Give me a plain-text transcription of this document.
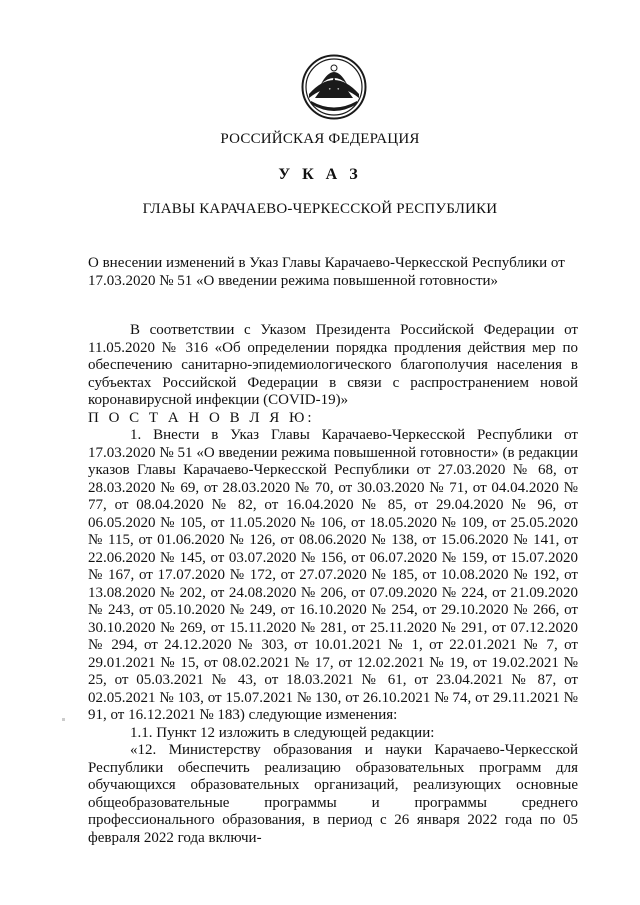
РОССИЙСКАЯ ФЕДЕРАЦИЯ
У К А З
ГЛАВЫ КАРАЧАЕВО-ЧЕРКЕССКОЙ РЕСПУБЛИКИ
О внесении изменений в Указ Главы Карачаево-Черкесской Республики от 17.03.2020 № 51 «О введении режима повышенной готовности»

В соответствии с Указом Президента Российской Федерации от 11.05.2020 № 316 «Об определении порядка продления действия мер по обеспечению санитарно-эпидемиологического благополучия населения в субъектах Российской Федерации в связи с распространением новой коронавирусной инфекции (COVID-19)»

П О С Т А Н О В Л Я Ю:

1. Внести в Указ Главы Карачаево-Черкесской Республики от 17.03.2020 № 51 «О введении режима повышенной готовности» (в редакции указов Главы Карачаево-Черкесской Республики от 27.03.2020 № 68, от 28.03.2020 № 69, от 28.03.2020 № 70, от 30.03.2020 № 71, от 04.04.2020 № 77, от 08.04.2020 № 82, от 16.04.2020 № 85, от 29.04.2020 № 96, от 06.05.2020 № 105, от 11.05.2020 № 106, от 18.05.2020 № 109, от 25.05.2020 № 115, от 01.06.2020 № 126, от 08.06.2020 № 138, от 15.06.2020 № 141, от 22.06.2020 № 145, от 03.07.2020 № 156, от 06.07.2020 № 159, от 15.07.2020 № 167, от 17.07.2020 № 172, от 27.07.2020 № 185, от 10.08.2020 № 192, от 13.08.2020 № 202, от 24.08.2020 № 206, от 07.09.2020 № 224, от 21.09.2020 № 243, от 05.10.2020 № 249, от 16.10.2020 № 254, от 29.10.2020 № 266, от 30.10.2020 № 269, от 15.11.2020 № 281, от 25.11.2020 № 291, от 07.12.2020 № 294, от 24.12.2020 № 303, от 10.01.2021 № 1, от 22.01.2021 № 7, от 29.01.2021 № 15, от 08.02.2021 № 17, от 12.02.2021 № 19, от 19.02.2021 № 25, от 05.03.2021 № 43, от 18.03.2021 № 61, от 23.04.2021 № 87, от 02.05.2021 № 103, от 15.07.2021 № 130, от 26.10.2021 № 74, от 29.11.2021 № 91, от 16.12.2021 № 183) следующие изменения:

1.1. Пункт 12 изложить в следующей редакции:

«12. Министерству образования и науки Карачаево-Черкесской Республики обеспечить реализацию образовательных программ для обучающихся образовательных организаций, реализующих основные общеобразовательные программы и программы среднего профессионального образования, в период с 26 января 2022 года по 05 февраля 2022 года включи-
